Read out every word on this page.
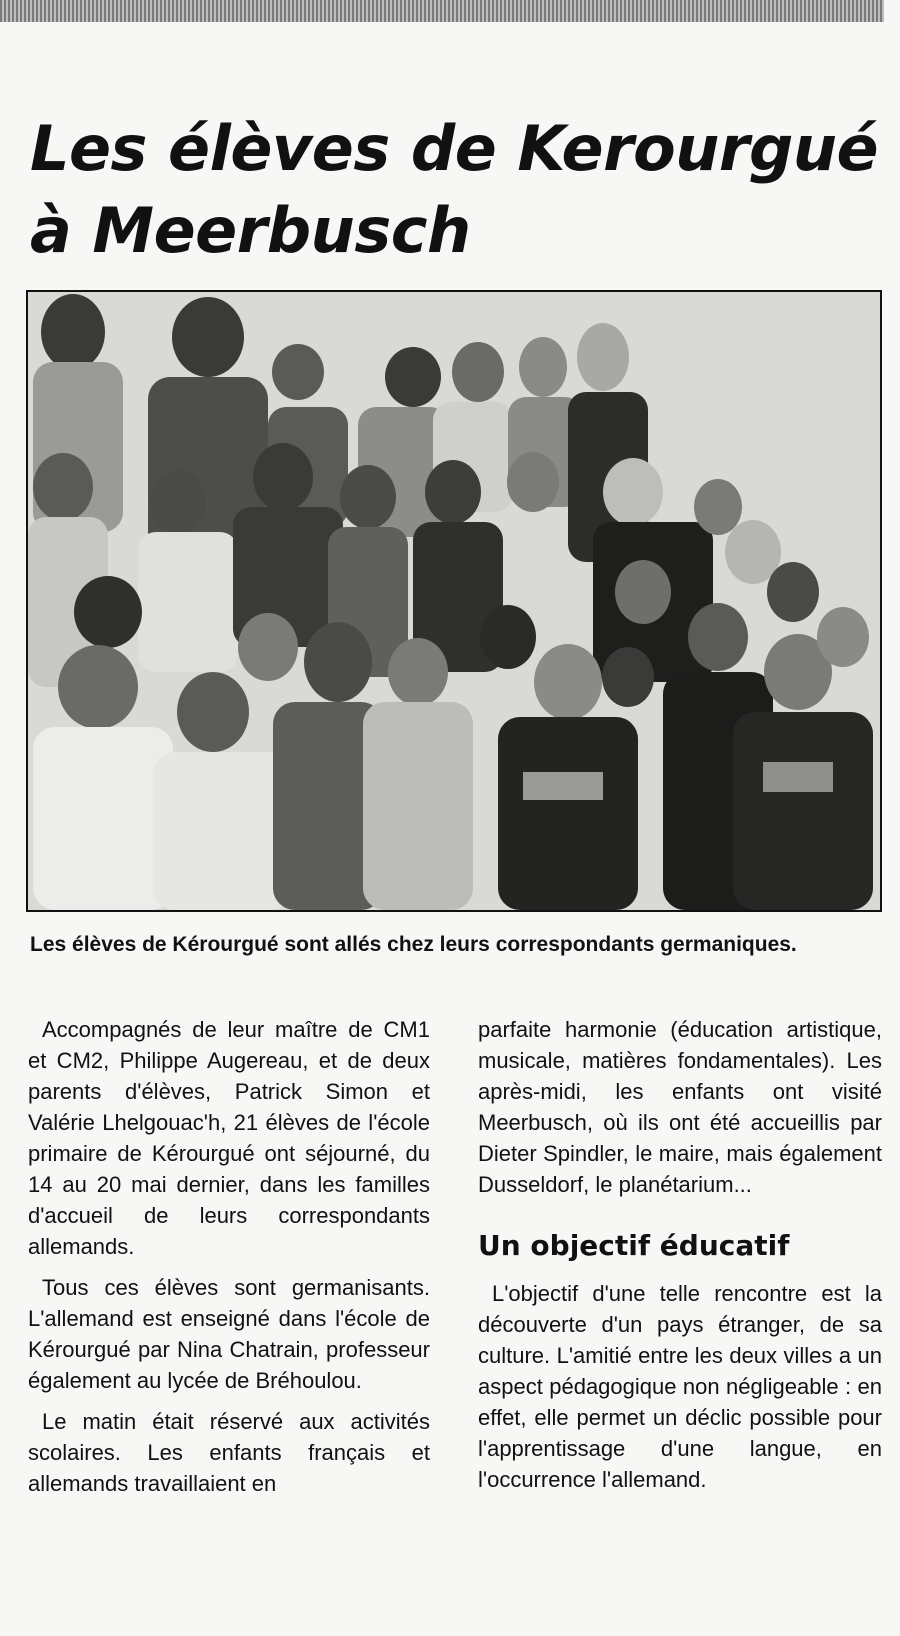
Les élèves de Kerourgué à Meerbusch

Les élèves de Kérourgué sont allés chez leurs correspondants germaniques.

Accompagnés de leur maître de CM1 et CM2, Philippe Augereau, et de deux parents d'élèves, Patrick Simon et Valérie Lhelgouac'h, 21 élèves de l'école primaire de Kérourgué ont séjourné, du 14 au 20 mai dernier, dans les familles d'accueil de leurs correspondants allemands.

Tous ces élèves sont germanisants. L'allemand est enseigné dans l'école de Kérourgué par Nina Chatrain, professeur également au lycée de Bréhoulou.

Le matin était réservé aux activités scolaires. Les enfants français et allemands travaillaient en

parfaite harmonie (éducation artistique, musicale, matières fondamentales). Les après-midi, les enfants ont visité Meerbusch, où ils ont été accueillis par Dieter Spindler, le maire, mais également Dusseldorf, le planétarium...

Un objectif éducatif

L'objectif d'une telle rencontre est la découverte d'un pays étranger, de sa culture. L'amitié entre les deux villes a un aspect pédagogique non négligeable : en effet, elle permet un déclic possible pour l'apprentissage d'une langue, en l'occurrence l'allemand.
